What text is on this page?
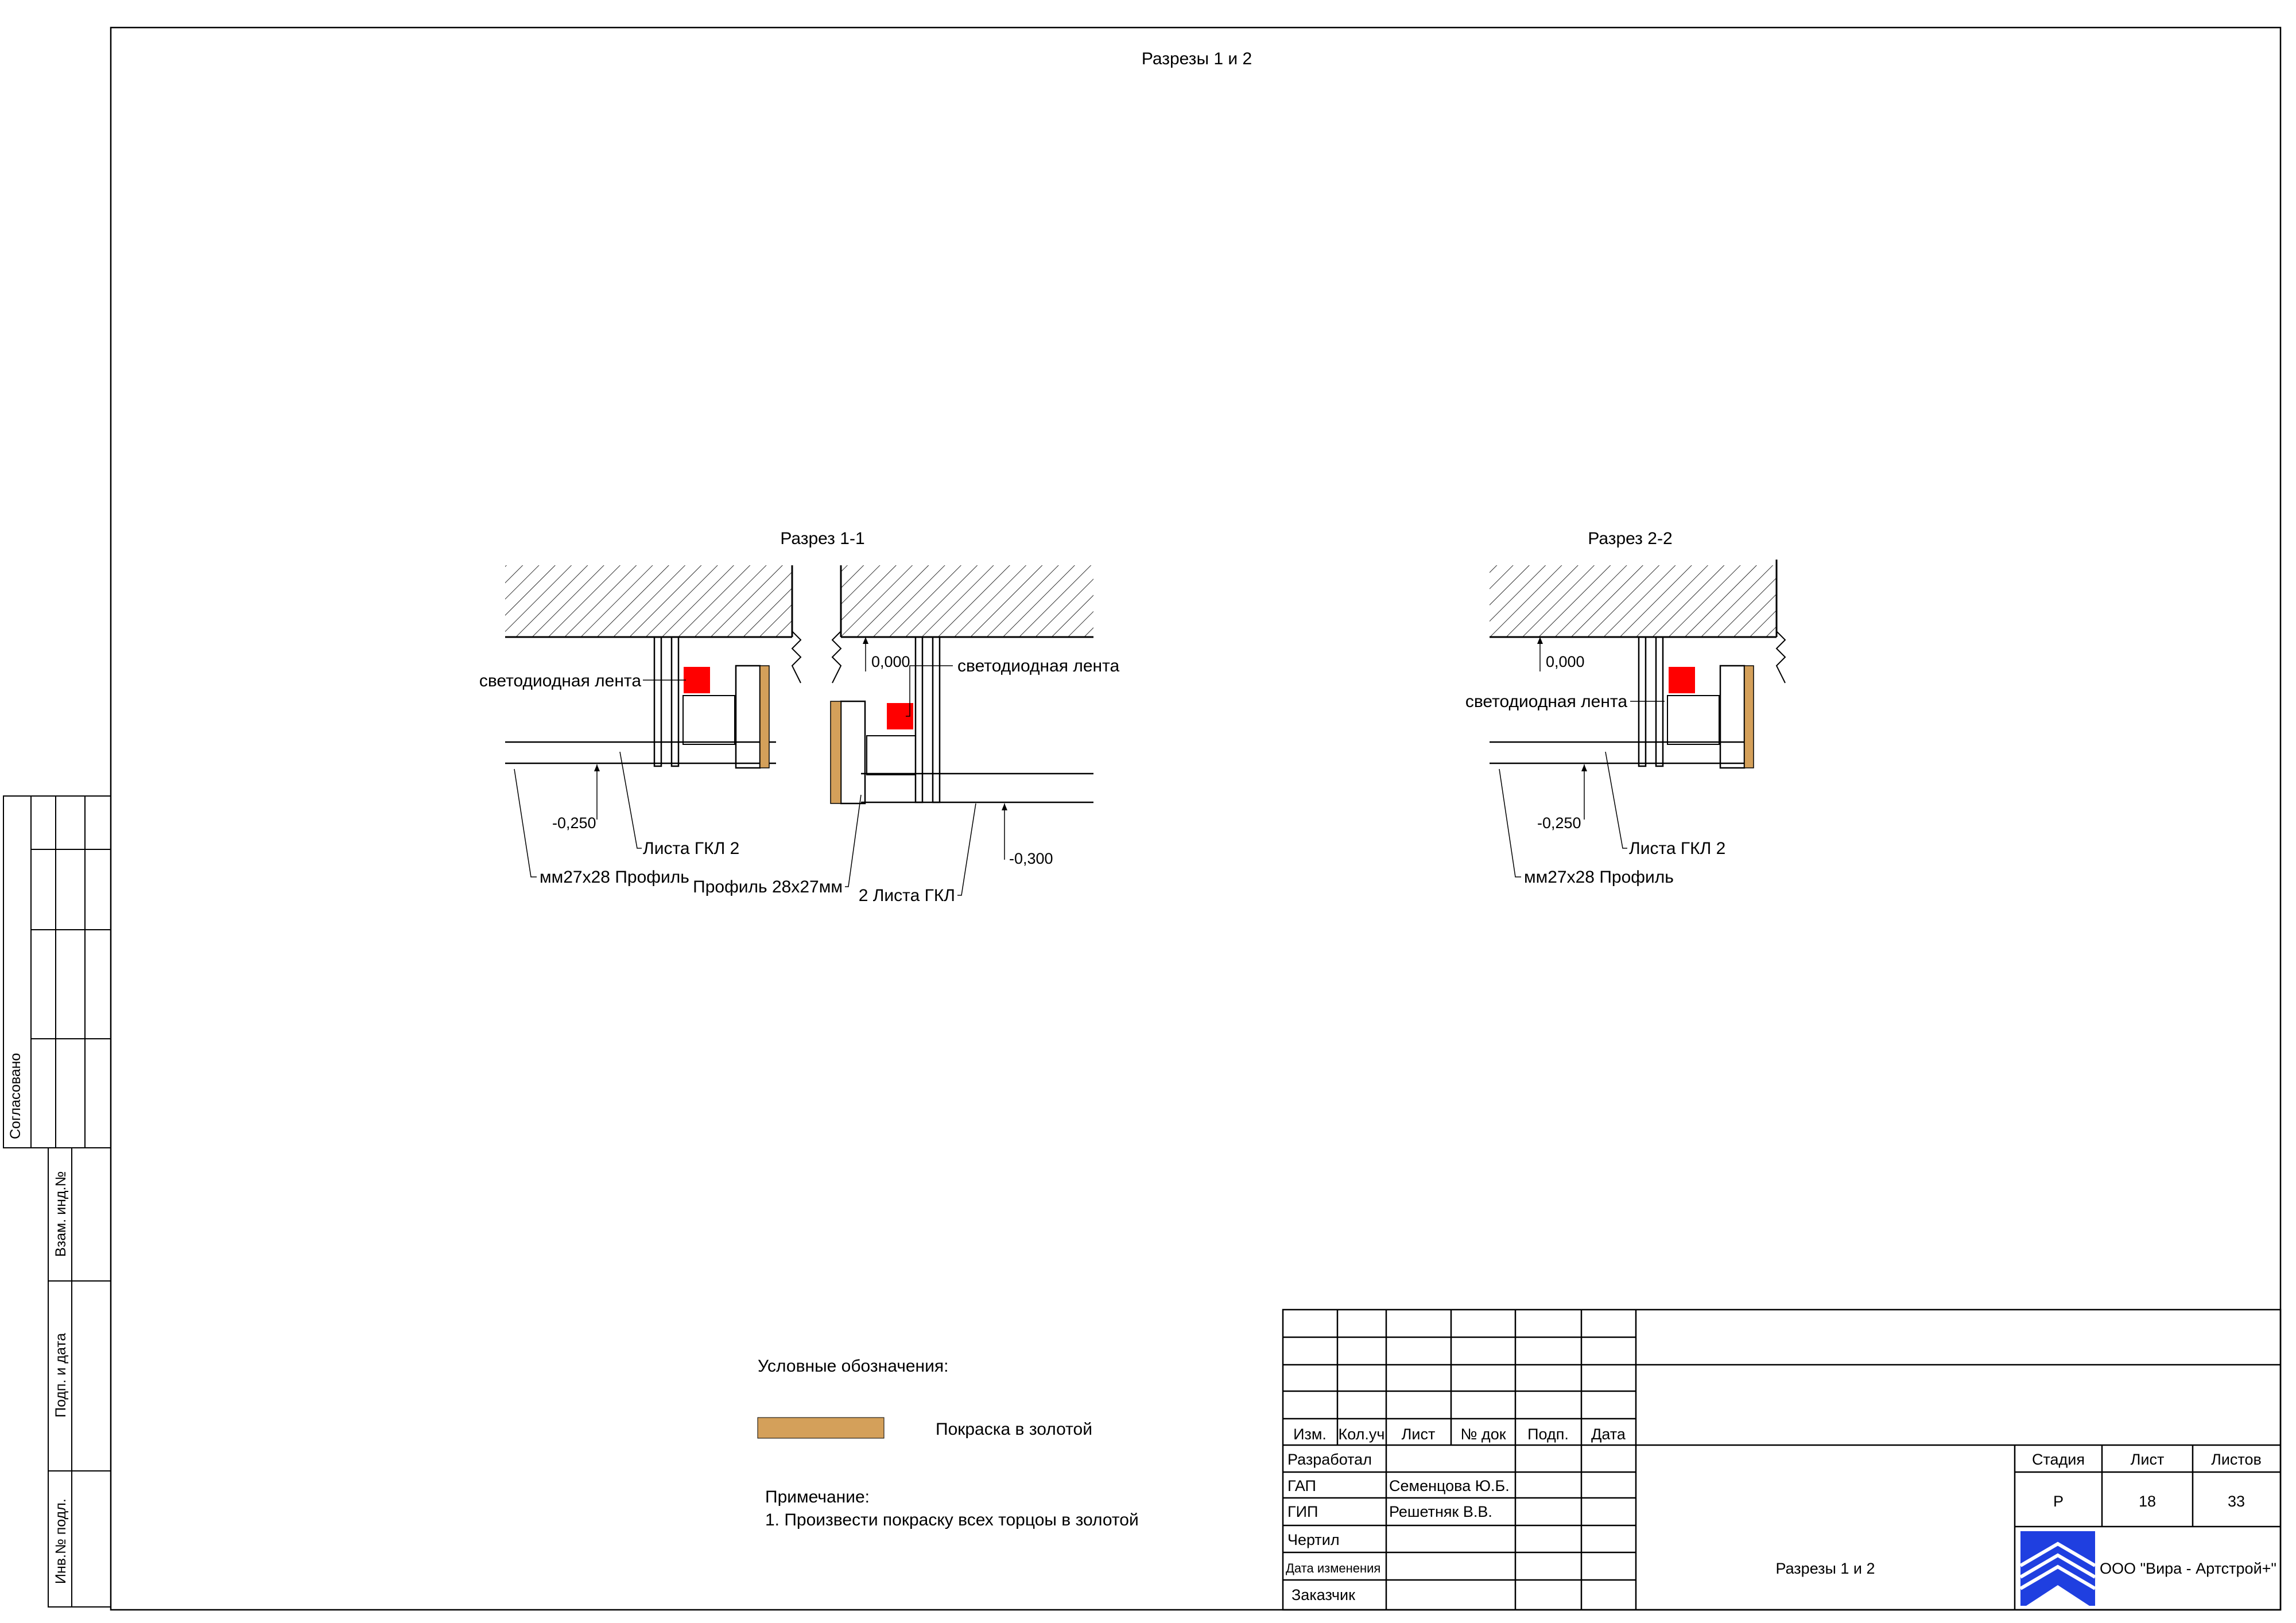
Согласовано
Взам. инд.№
Подп. и дата
Инв.№ подл.
Разрезы 1 и 2
Разрез 1-1
светодиодная лента
светодиодная лента
0,000
-0,250
-0,300
Листа ГКЛ 2
мм27х28 Профиль
Профиль 28х27мм 2 Листа ГКЛ
Разрез 2-2
0,000
светодиодная лента
-0,250
Листа ГКЛ 2
мм27х28 Профиль
Условные обозначения:
Покраска в золотой
Примечание:
1. Произвести покраску всех торцоы в золотой
Изм. Кол.уч Лист № док Подп. Дата
Разработал
ГАП	Семенцова Ю.Б.
ГИП	Решетняк В.В.
Чертил
Дата изменения
Заказчик
Стадия	Лист	Листов
Р	18	33
Разрезы 1 и 2	ООО "Вира - Артстрой+"
